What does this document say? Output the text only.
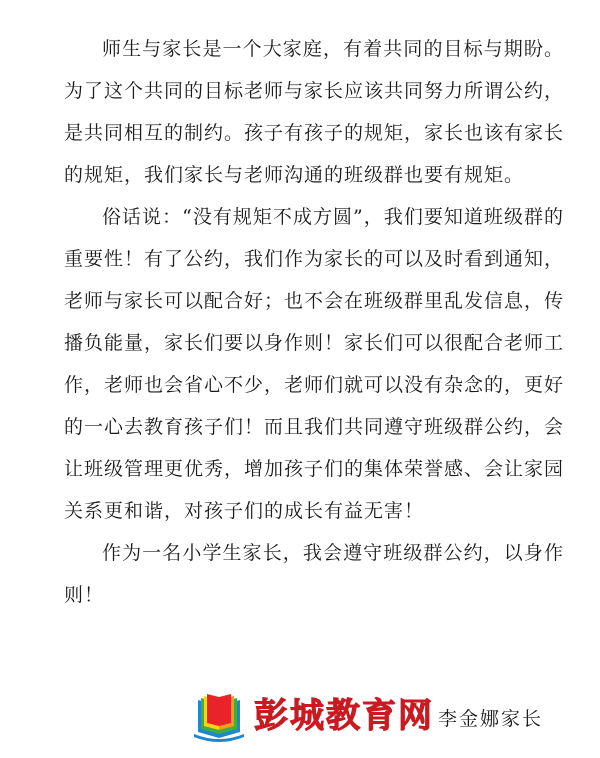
师生与家长是一个大家庭，有着共同的目标与期盼。为了这个共同的目标老师与家长应该共同努力所谓公约，是共同相互的制约。孩子有孩子的规矩，家长也该有家长的规矩，我们家长与老师沟通的班级群也要有规矩。

俗话说：“没有规矩不成方圆”，我们要知道班级群的重要性！有了公约，我们作为家长的可以及时看到通知，老师与家长可以配合好；也不会在班级群里乱发信息，传播负能量，家长们要以身作则！家长们可以很配合老师工作，老师也会省心不少，老师们就可以没有杂念的，更好的一心去教育孩子们！而且我们共同遵守班级群公约，会让班级管理更优秀，增加孩子们的集体荣誉感、会让家园关系更和谐，对孩子们的成长有益无害！

作为一名小学生家长，我会遵守班级群公约，以身作则！

彭城教育网 李金娜家长
